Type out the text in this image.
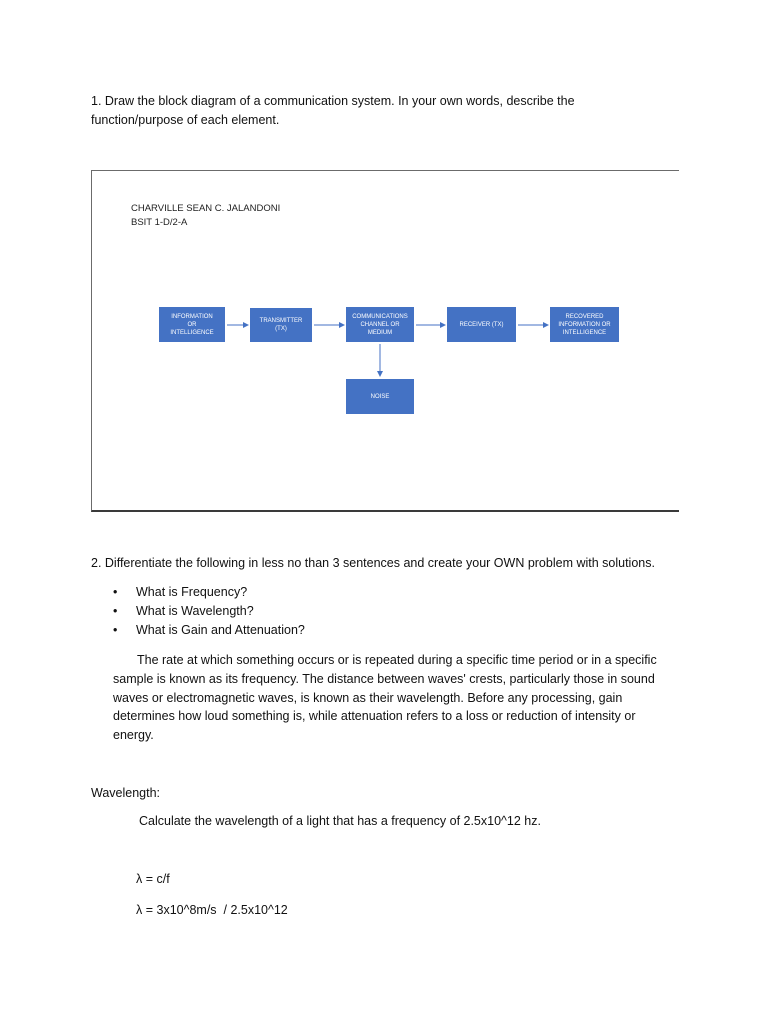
1. Draw the block diagram of a communication system. In your own words, describe the function/purpose of each element.
CHARVILLE SEAN C. JALANDONI
BSIT 1-D/2-A
INFORMATION
OR
INTELLIGENCE
TRANSMITTER
(TX)
COMMUNICATIONS
CHANNEL OR
MEDIUM
RECEIVER (TX)
RECOVERED
INFORMATION OR
INTELLIGENCE
NOISE
2. Differentiate the following in less no than 3 sentences and create your OWN problem with solutions.
• What is Frequency?
• What is Wavelength?
• What is Gain and Attenuation?
The rate at which something occurs or is repeated during a specific time period or in a specific sample is known as its frequency. The distance between waves' crests, particularly those in sound waves or electromagnetic waves, is known as their wavelength. Before any processing, gain determines how loud something is, while attenuation refers to a loss or reduction of intensity or energy.
Wavelength:
Calculate the wavelength of a light that has a frequency of 2.5x10^12 hz.
λ = c/f
λ = 3x10^8m/s  / 2.5x10^12
